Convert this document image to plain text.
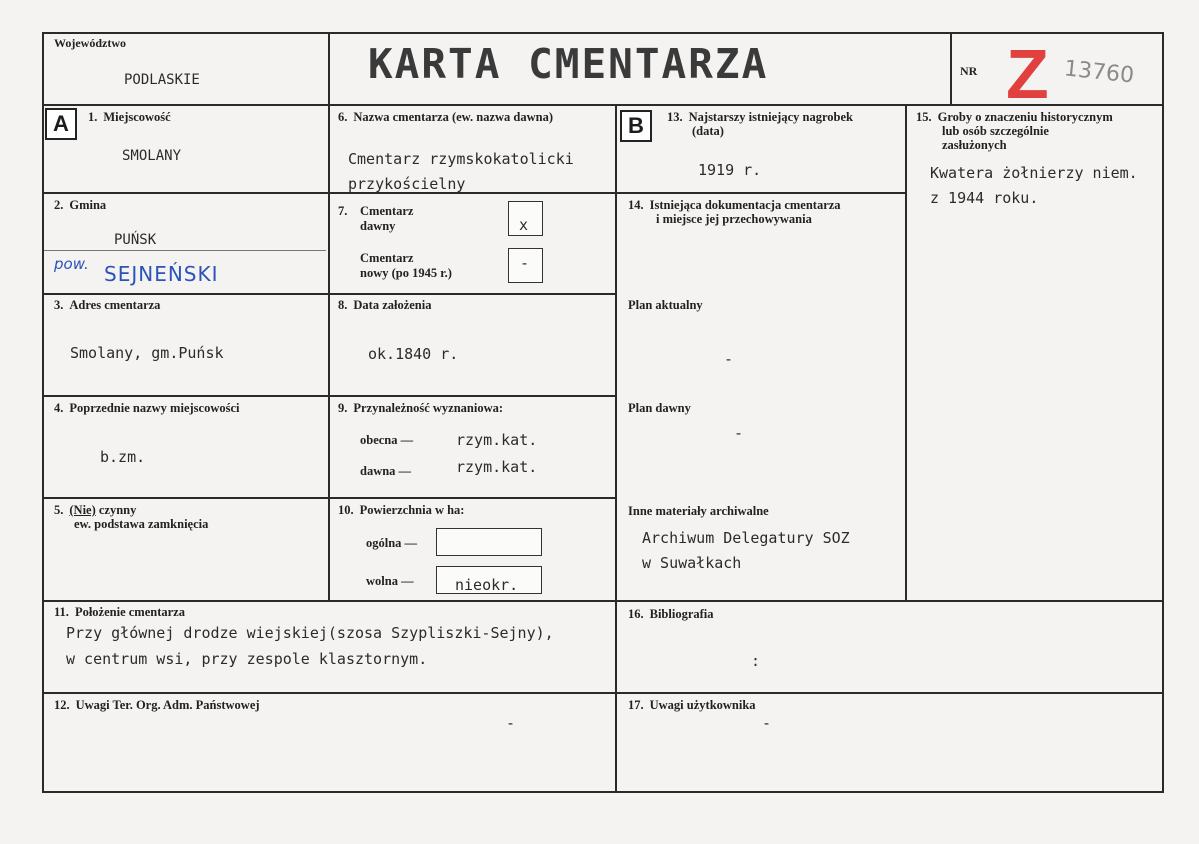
Województwo
PODLASKIE	KARTA CMENTARZA	NR Z 13760
A	1. Miejscowość
SMOLANY
2. Gmina
PUŃSK
pow. SEJNEŃSKI
3. Adres cmentarza
Smolany, gm.Puńsk
4. Poprzednie nazwy miejscowości
b.zm.
5. (Nie) czynny
ew. podstawa zamknięcia
6. Nazwa cmentarza (ew. nazwa dawna)
Cmentarz rzymskokatolicki
przykościelny
7. Cmentarz
dawny	x
Cmentarz
nowy (po 1945 r.)
-
8. Data założenia
ok.1840 r.
9. Przynależność wyznaniowa:
obecna —	rzym.kat.
dawna —	rzym.kat.
10. Powierzchnia w ha:
ogólna —
wolna —	nieokr.
B	13. Najstarszy istniejący nagrobek
(data)
1919 r.
14. Istniejąca dokumentacja cmentarza
i miejsce jej przechowywania
Plan aktualny
-
Plan dawny
-
Inne materiały archiwalne
Archiwum Delegatury SOZ
w Suwałkach
15. Groby o znaczeniu historycznym
lub osób szczególnie
zasłużonych
Kwatera żołnierzy niem.
z 1944 roku.
11. Położenie cmentarza
Przy głównej drodze wiejskiej(szosa Szypliszki-Sejny),
w centrum wsi, przy zespole klasztornym.
16. Bibliografia
:
12. Uwagi Ter. Org. Adm. Państwowej
-
17. Uwagi użytkownika
-
